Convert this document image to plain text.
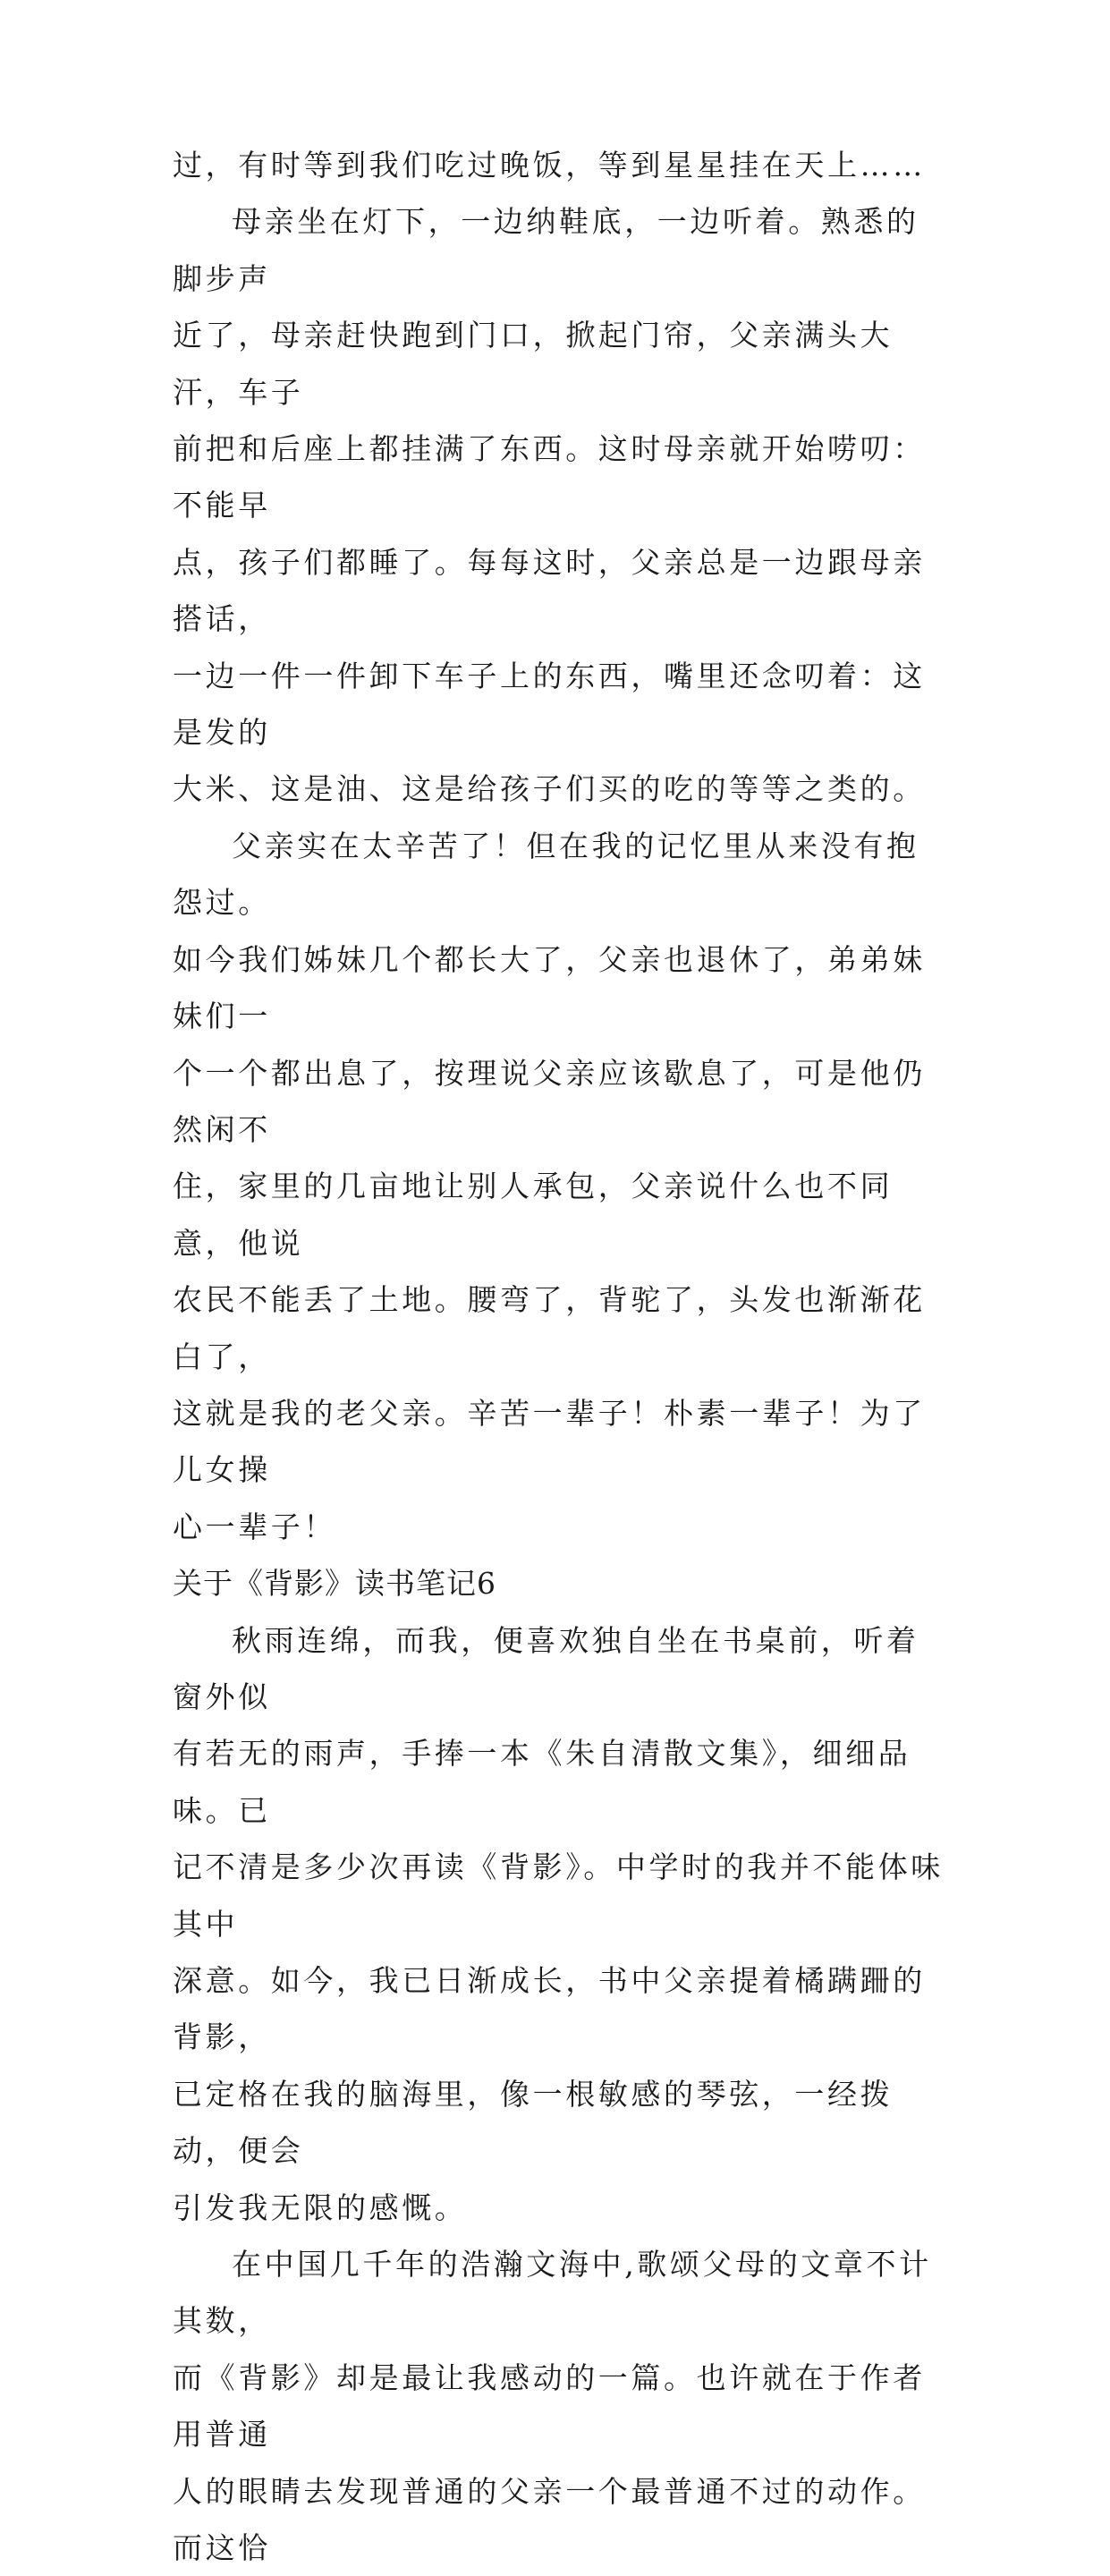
过，有时等到我们吃过晚饭，等到星星挂在天上……
母亲坐在灯下，一边纳鞋底，一边听着。熟悉的脚步声
近了，母亲赶快跑到门口，掀起门帘，父亲满头大汗，车子
前把和后座上都挂满了东西。这时母亲就开始唠叨：不能早
点，孩子们都睡了。每每这时，父亲总是一边跟母亲搭话，
一边一件一件卸下车子上的东西，嘴里还念叨着：这是发的
大米、这是油、这是给孩子们买的吃的等等之类的。
父亲实在太辛苦了！但在我的记忆里从来没有抱怨过。
如今我们姊妹几个都长大了，父亲也退休了，弟弟妹妹们一
个一个都出息了，按理说父亲应该歇息了，可是他仍然闲不
住，家里的几亩地让别人承包，父亲说什么也不同意，他说
农民不能丢了土地。腰弯了，背驼了，头发也渐渐花白了，
这就是我的老父亲。辛苦一辈子！朴素一辈子！为了儿女操
心一辈子！
关于《背影》读书笔记6
秋雨连绵，而我，便喜欢独自坐在书桌前，听着窗外似
有若无的雨声，手捧一本《朱自清散文集》，细细品味。已
记不清是多少次再读《背影》。中学时的我并不能体味其中
深意。如今，我已日渐成长，书中父亲提着橘蹒跚的背影，
已定格在我的脑海里，像一根敏感的琴弦，一经拨动，便会
引发我无限的感慨。
在中国几千年的浩瀚文海中,歌颂父母的文章不计其数，
而《背影》却是最让我感动的一篇。也许就在于作者用普通
人的眼睛去发现普通的父亲一个最普通不过的动作。而这恰
